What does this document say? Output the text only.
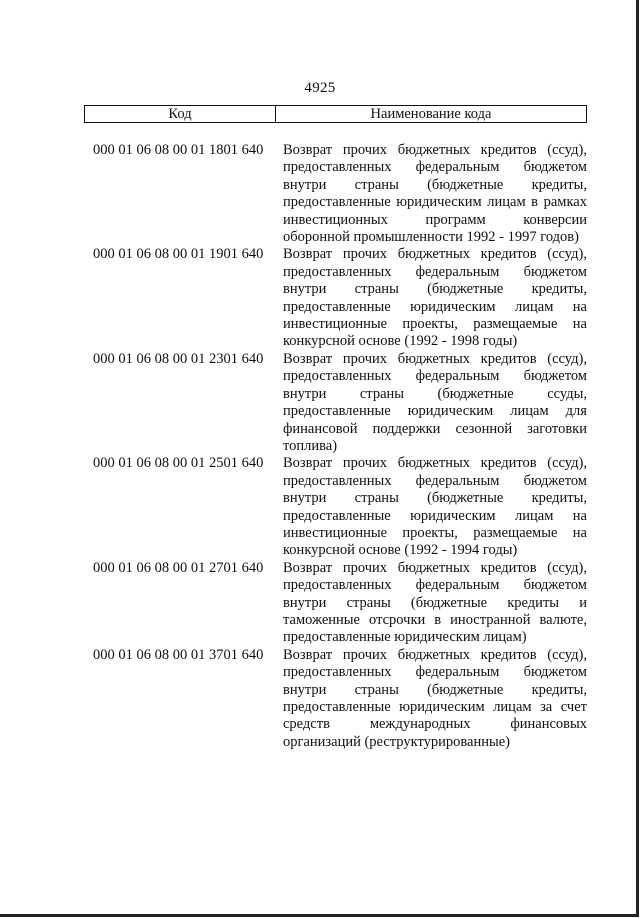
4925
Код	Наименование кода
000 01 06 08 00 01 1801 640	Возврат прочих бюджетных кредитов (ссуд),
предоставленных федеральным бюджетом
внутри страны (бюджетные кредиты,
предоставленные юридическим лицам в рамках
инвестиционных	программ	конверсии
оборонной промышленности 1992 - 1997 годов)
000 01 06 08 00 01 1901 640	Возврат прочих бюджетных кредитов (ссуд),
предоставленных федеральным бюджетом
внутри страны (бюджетные кредиты,
предоставленные юридическим лицам на
инвестиционные проекты, размещаемые на
конкурсной основе (1992 - 1998 годы)
000 01 06 08 00 01 2301 640	Возврат прочих бюджетных кредитов (ссуд),
предоставленных федеральным бюджетом
внутри страны (бюджетные ссуды,
предоставленные юридическим лицам для
финансовой поддержки сезонной заготовки
топлива)
000 01 06 08 00 01 2501 640	Возврат прочих бюджетных кредитов (ссуд),
предоставленных федеральным бюджетом
внутри страны (бюджетные кредиты,
предоставленные юридическим лицам на
инвестиционные проекты, размещаемые на
конкурсной основе (1992 - 1994 годы)
000 01 06 08 00 01 2701 640	Возврат прочих бюджетных кредитов (ссуд),
предоставленных федеральным бюджетом
внутри страны (бюджетные кредиты и
таможенные отсрочки в иностранной валюте,
предоставленные юридическим лицам)
000 01 06 08 00 01 3701 640	Возврат прочих бюджетных кредитов (ссуд),
предоставленных федеральным бюджетом
внутри страны (бюджетные кредиты,
предоставленные юридическим лицам за счет
средств	международных	финансовых
организаций (реструктурированные)
